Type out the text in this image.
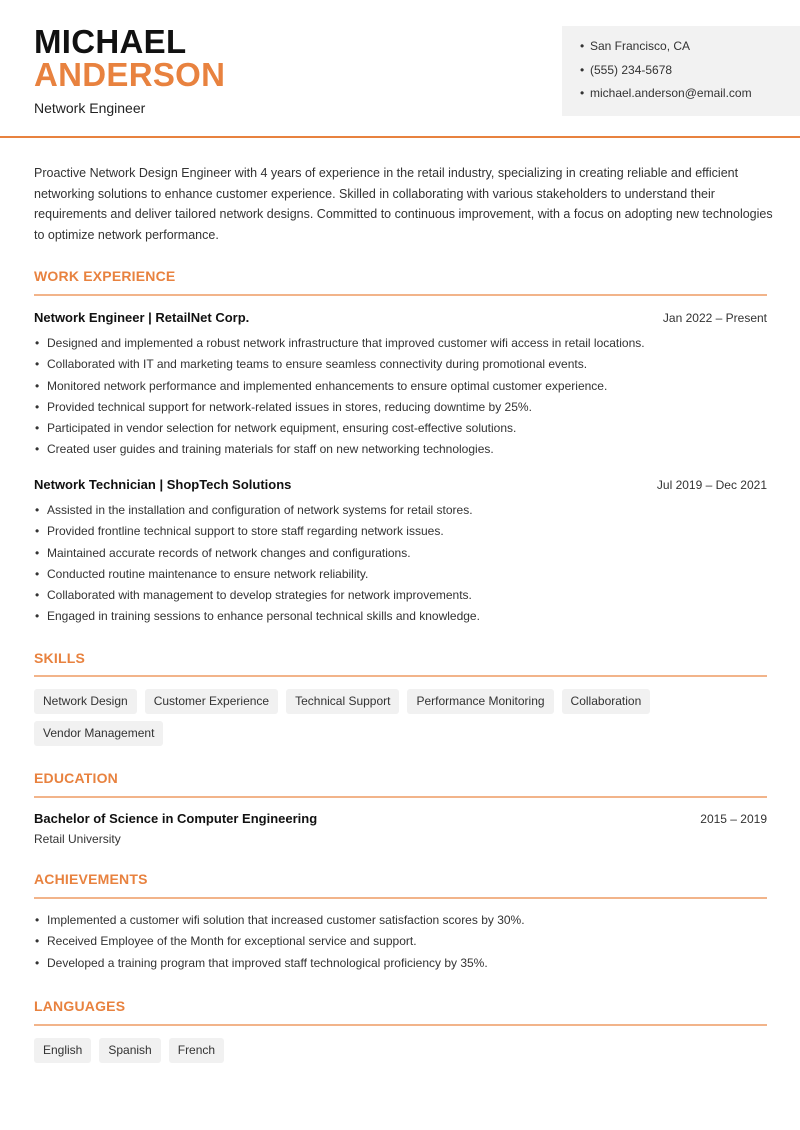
MICHAEL
ANDERSON
Network Engineer
• San Francisco, CA
• (555) 234-5678
• michael.anderson@email.com

Proactive Network Design Engineer with 4 years of experience in the retail industry, specializing in creating reliable and efficient networking solutions to enhance customer experience. Skilled in collaborating with various stakeholders to understand their requirements and deliver tailored network designs. Committed to continuous improvement, with a focus on adopting new technologies to optimize network performance.

WORK EXPERIENCE
Network Engineer | RetailNet Corp.	Jan 2022 – Present
• Designed and implemented a robust network infrastructure that improved customer wifi access in retail locations.
• Collaborated with IT and marketing teams to ensure seamless connectivity during promotional events.
• Monitored network performance and implemented enhancements to ensure optimal customer experience.
• Provided technical support for network-related issues in stores, reducing downtime by 25%.
• Participated in vendor selection for network equipment, ensuring cost-effective solutions.
• Created user guides and training materials for staff on new networking technologies.
Network Technician | ShopTech Solutions	Jul 2019 – Dec 2021
• Assisted in the installation and configuration of network systems for retail stores.
• Provided frontline technical support to store staff regarding network issues.
• Maintained accurate records of network changes and configurations.
• Conducted routine maintenance to ensure network reliability.
• Collaborated with management to develop strategies for network improvements.
• Engaged in training sessions to enhance personal technical skills and knowledge.
SKILLS
Network Design	Customer Experience	Technical Support	Performance Monitoring	Collaboration
Vendor Management
EDUCATION
Bachelor of Science in Computer Engineering	2015 – 2019
Retail University
ACHIEVEMENTS
• Implemented a customer wifi solution that increased customer satisfaction scores by 30%.
• Received Employee of the Month for exceptional service and support.
• Developed a training program that improved staff technological proficiency by 35%.
LANGUAGES
English	Spanish	French
